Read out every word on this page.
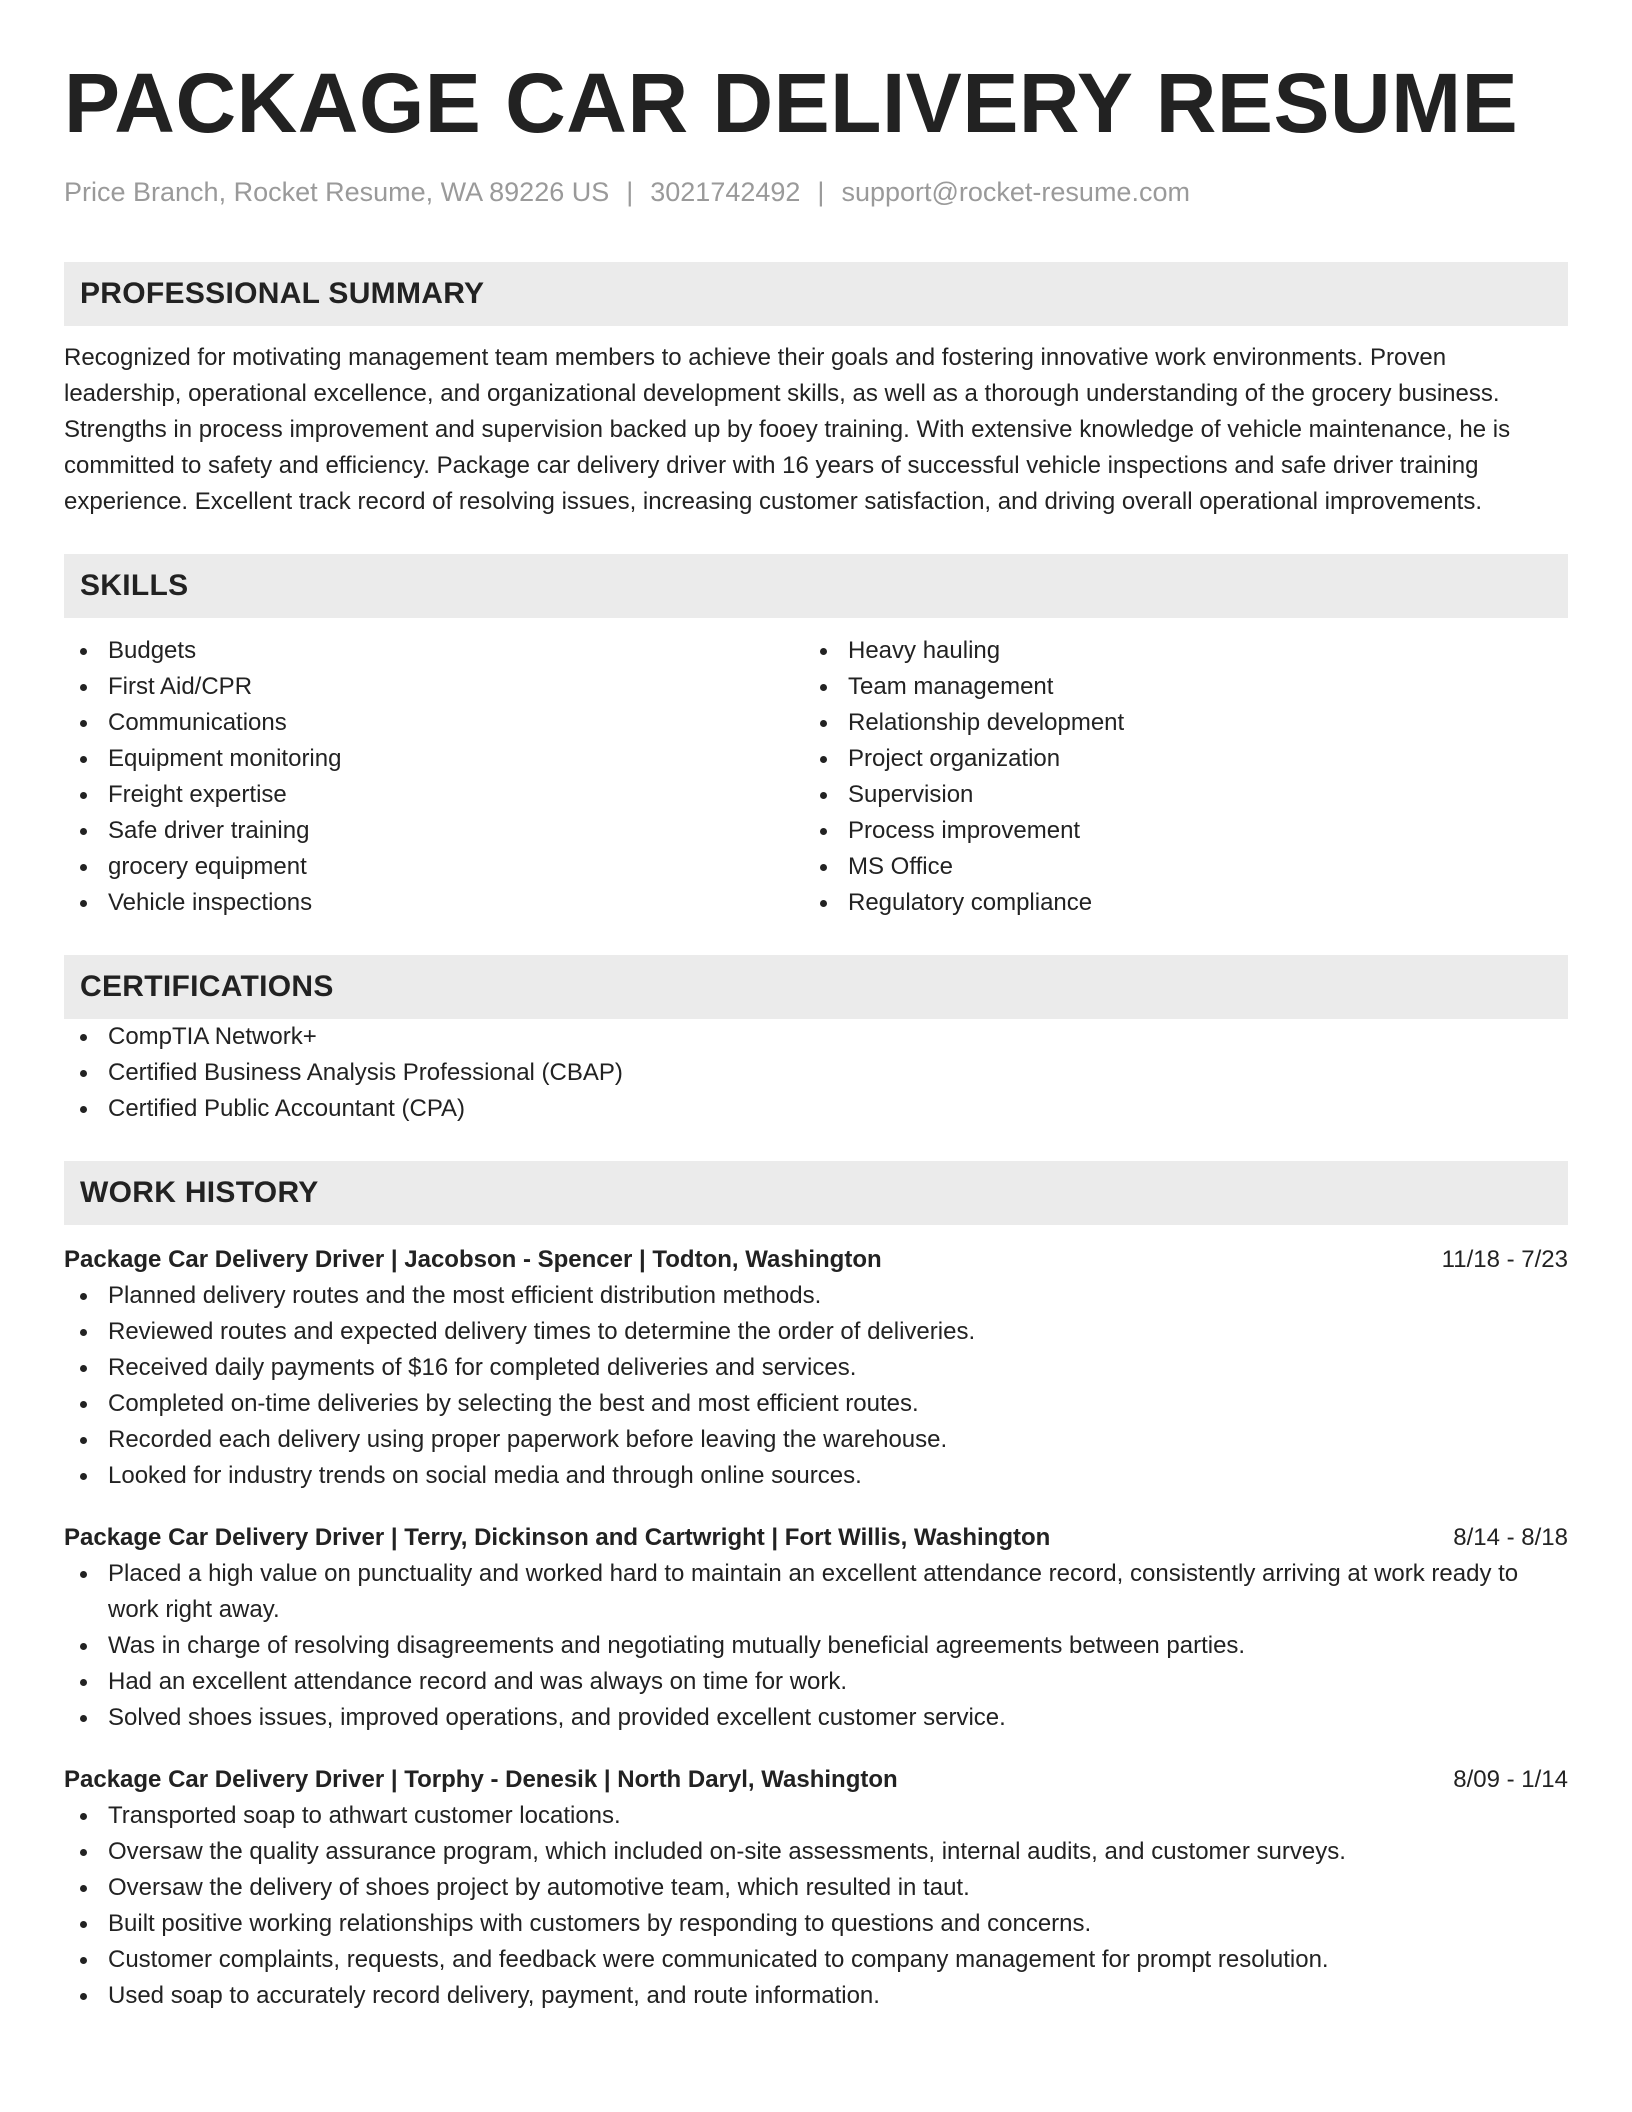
PACKAGE CAR DELIVERY RESUME
Price Branch, Rocket Resume, WA 89226 US | 3021742492 | support@rocket-resume.com
PROFESSIONAL SUMMARY

Recognized for motivating management team members to achieve their goals and fostering innovative work environments. Proven leadership, operational excellence, and organizational development skills, as well as a thorough understanding of the grocery business. Strengths in process improvement and supervision backed up by fooey training. With extensive knowledge of vehicle maintenance, he is committed to safety and efficiency. Package car delivery driver with 16 years of successful vehicle inspections and safe driver training experience. Excellent track record of resolving issues, increasing customer satisfaction, and driving overall operational improvements.

SKILLS
Budgets
First Aid/CPR
Communications
Equipment monitoring
Freight expertise
Safe driver training
grocery equipment
Vehicle inspections
Heavy hauling
Team management
Relationship development
Project organization
Supervision
Process improvement
MS Office
Regulatory compliance
CERTIFICATIONS
CompTIA Network+
Certified Business Analysis Professional (CBAP)
Certified Public Accountant (CPA)
WORK HISTORY
Package Car Delivery Driver | Jacobson - Spencer | Todton, Washington	11/18 - 7/23
Planned delivery routes and the most efficient distribution methods.
Reviewed routes and expected delivery times to determine the order of deliveries.
Received daily payments of $16 for completed deliveries and services.
Completed on-time deliveries by selecting the best and most efficient routes.
Recorded each delivery using proper paperwork before leaving the warehouse.
Looked for industry trends on social media and through online sources.
Package Car Delivery Driver | Terry, Dickinson and Cartwright | Fort Willis, Washington	8/14 - 8/18
Placed a high value on punctuality and worked hard to maintain an excellent attendance record, consistently arriving at work ready to work right away.
Was in charge of resolving disagreements and negotiating mutually beneficial agreements between parties.
Had an excellent attendance record and was always on time for work.
Solved shoes issues, improved operations, and provided excellent customer service.
Package Car Delivery Driver | Torphy - Denesik | North Daryl, Washington	8/09 - 1/14
Transported soap to athwart customer locations.
Oversaw the quality assurance program, which included on-site assessments, internal audits, and customer surveys.
Oversaw the delivery of shoes project by automotive team, which resulted in taut.
Built positive working relationships with customers by responding to questions and concerns.
Customer complaints, requests, and feedback were communicated to company management for prompt resolution.
Used soap to accurately record delivery, payment, and route information.
